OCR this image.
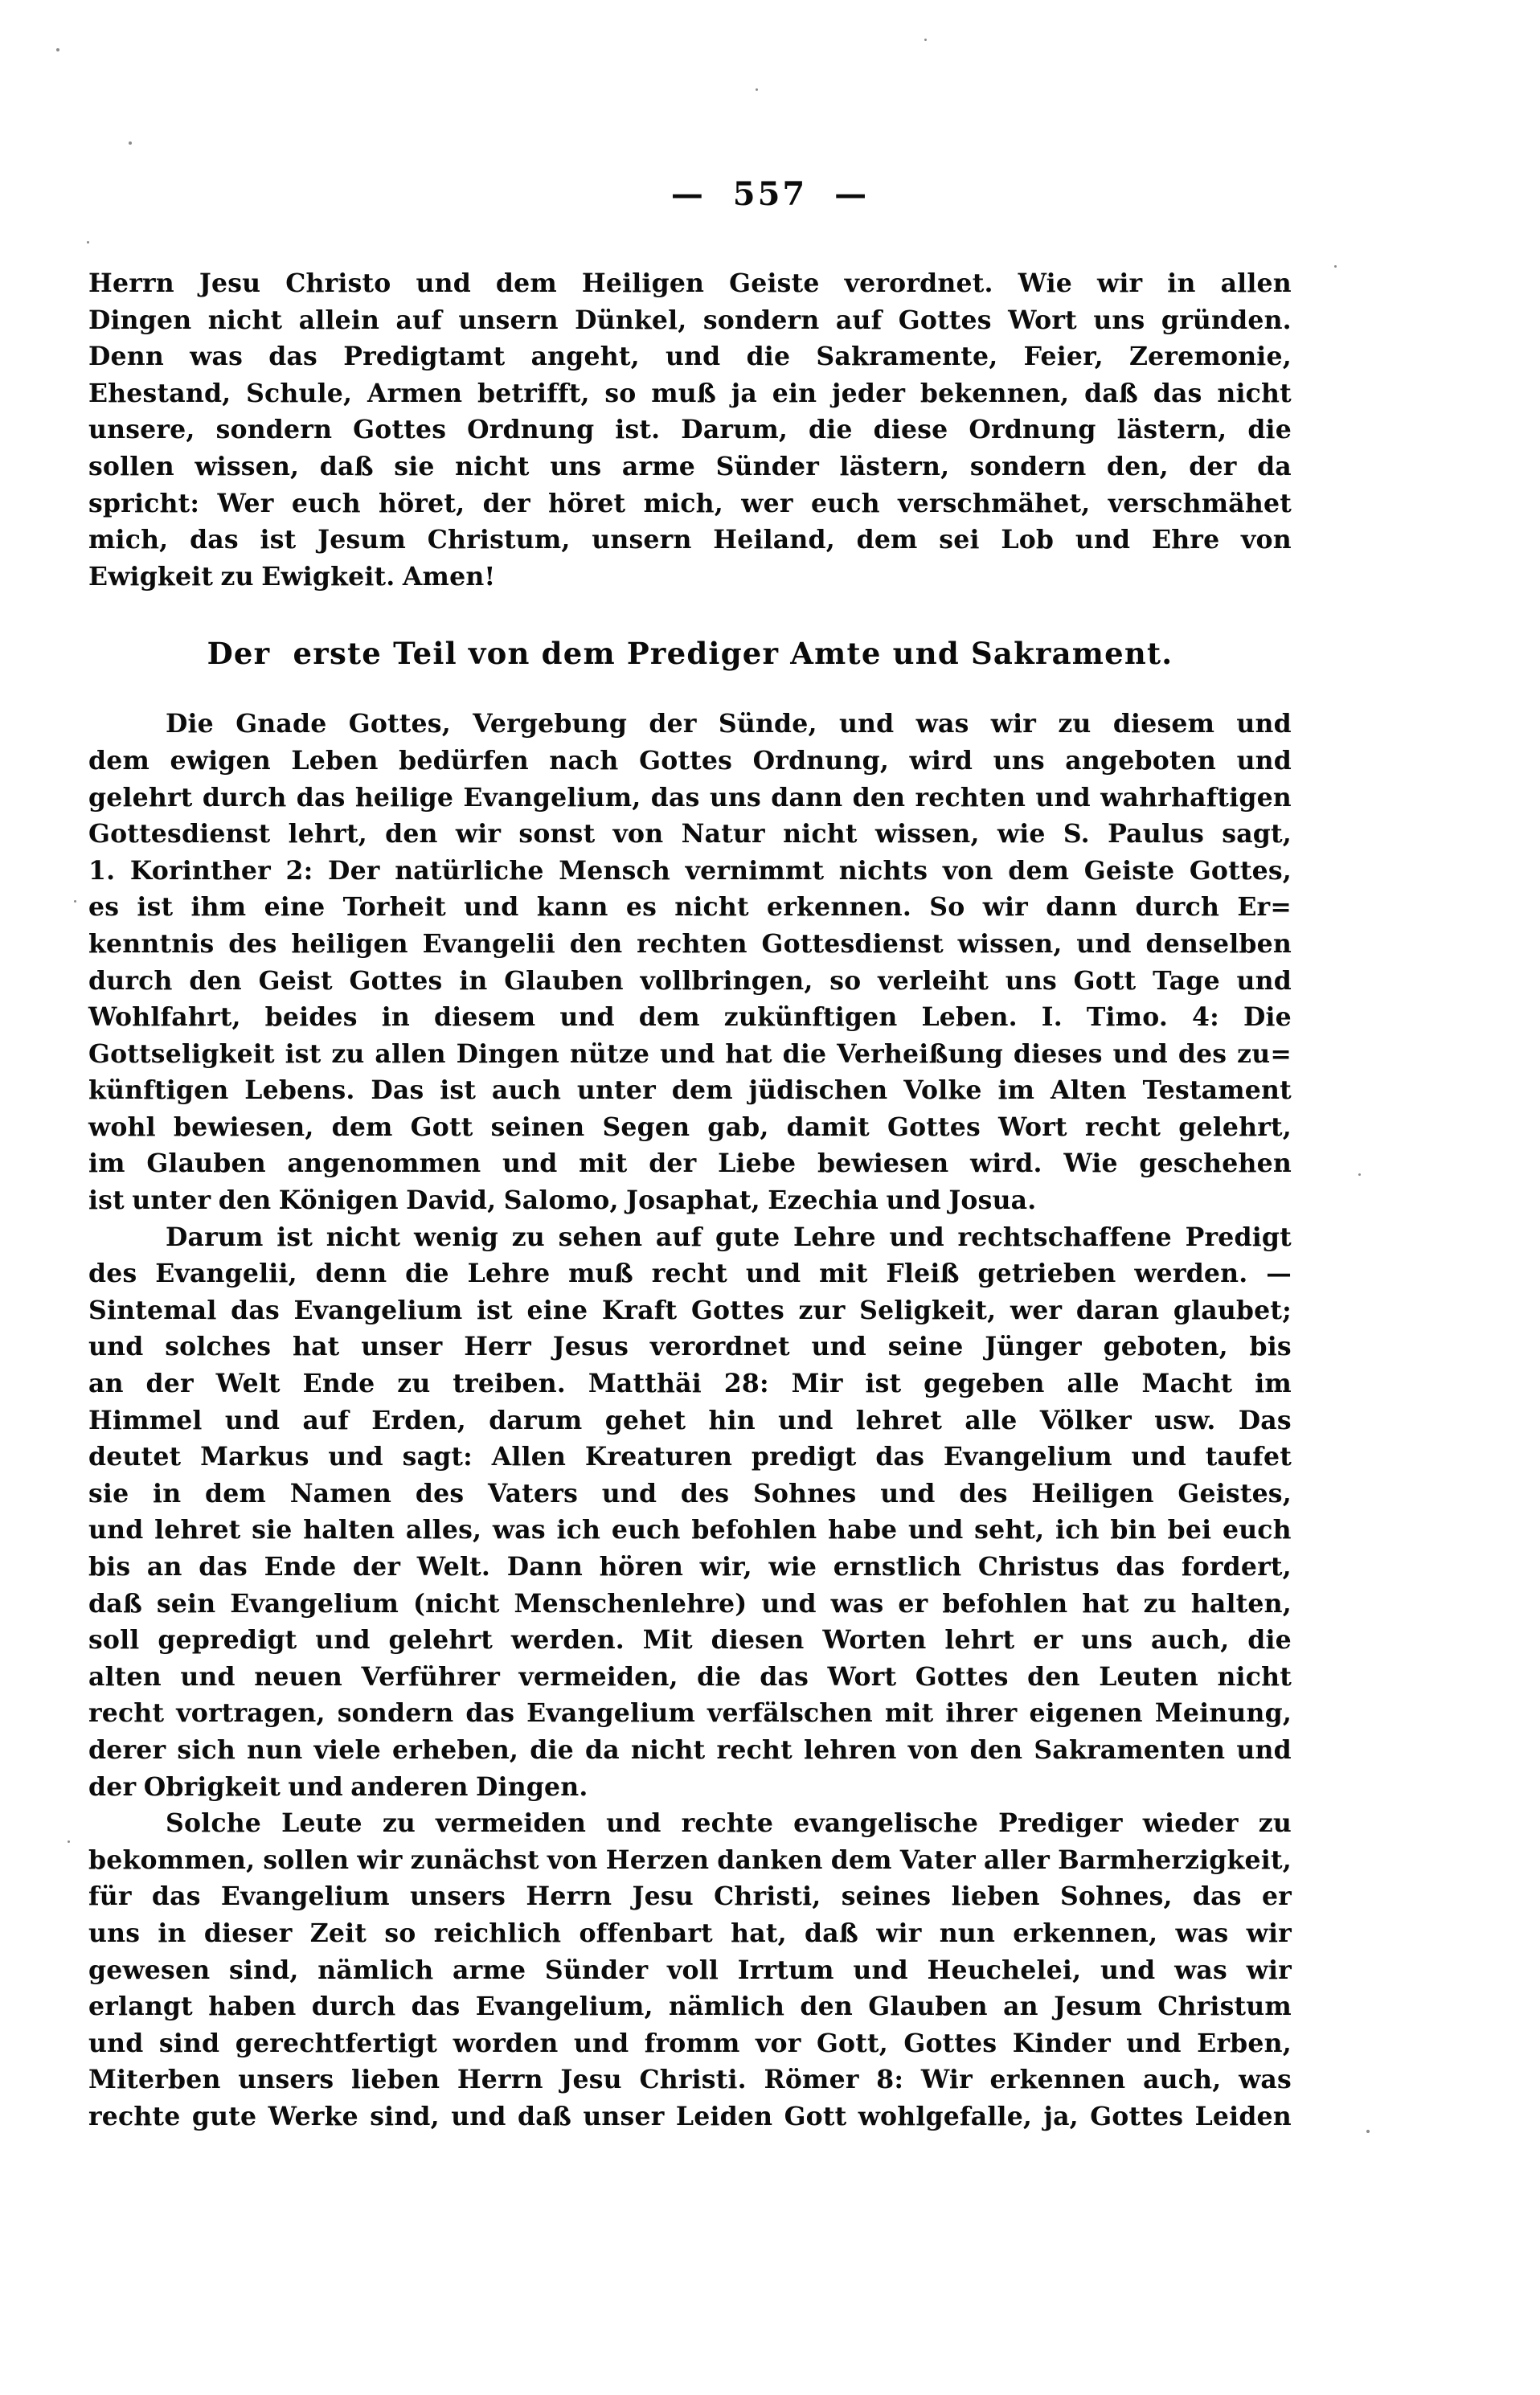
—  557  —
Herrn Jesu Christo und dem Heiligen Geiste verordnet. Wie wir in allen
Dingen nicht allein auf unsern Dünkel, sondern auf Gottes Wort uns gründen.
Denn was das Predigtamt angeht, und die Sakramente, Feier, Zeremonie,
Ehestand, Schule, Armen betrifft, so muß ja ein jeder bekennen, daß das nicht
unsere, sondern Gottes Ordnung ist. Darum, die diese Ordnung lästern, die
sollen wissen, daß sie nicht uns arme Sünder lästern, sondern den, der da
spricht: Wer euch höret, der höret mich, wer euch verschmähet, verschmähet
mich, das ist Jesum Christum, unsern Heiland, dem sei Lob und Ehre von
Ewigkeit zu Ewigkeit. Amen!
Der  erste Teil von dem Prediger Amte und Sakrament.
Die Gnade Gottes, Vergebung der Sünde, und was wir zu diesem und
dem ewigen Leben bedürfen nach Gottes Ordnung, wird uns angeboten und
gelehrt durch das heilige Evangelium, das uns dann den rechten und wahrhaftigen
Gottesdienst lehrt, den wir sonst von Natur nicht wissen, wie S. Paulus sagt,
1. Korinther 2: Der natürliche Mensch vernimmt nichts von dem Geiste Gottes,
es ist ihm eine Torheit und kann es nicht erkennen. So wir dann durch Er=
kenntnis des heiligen Evangelii den rechten Gottesdienst wissen, und denselben
durch den Geist Gottes in Glauben vollbringen, so verleiht uns Gott Tage und
Wohlfahrt, beides in diesem und dem zukünftigen Leben. I. Timo. 4: Die
Gottseligkeit ist zu allen Dingen nütze und hat die Verheißung dieses und des zu=
künftigen Lebens. Das ist auch unter dem jüdischen Volke im Alten Testament
wohl bewiesen, dem Gott seinen Segen gab, damit Gottes Wort recht gelehrt,
im Glauben angenommen und mit der Liebe bewiesen wird. Wie geschehen
ist unter den Königen David, Salomo, Josaphat, Ezechia und Josua.
Darum ist nicht wenig zu sehen auf gute Lehre und rechtschaffene Predigt
des Evangelii, denn die Lehre muß recht und mit Fleiß getrieben werden. —
Sintemal das Evangelium ist eine Kraft Gottes zur Seligkeit, wer daran glaubet;
und solches hat unser Herr Jesus verordnet und seine Jünger geboten, bis
an der Welt Ende zu treiben. Matthäi 28: Mir ist gegeben alle Macht im
Himmel und auf Erden, darum gehet hin und lehret alle Völker usw. Das
deutet Markus und sagt: Allen Kreaturen predigt das Evangelium und taufet
sie in dem Namen des Vaters und des Sohnes und des Heiligen Geistes,
und lehret sie halten alles, was ich euch befohlen habe und seht, ich bin bei euch
bis an das Ende der Welt. Dann hören wir, wie ernstlich Christus das fordert,
daß sein Evangelium (nicht Menschenlehre) und was er befohlen hat zu halten,
soll gepredigt und gelehrt werden. Mit diesen Worten lehrt er uns auch, die
alten und neuen Verführer vermeiden, die das Wort Gottes den Leuten nicht
recht vortragen, sondern das Evangelium verfälschen mit ihrer eigenen Meinung,
derer sich nun viele erheben, die da nicht recht lehren von den Sakramenten und
der Obrigkeit und anderen Dingen.
Solche Leute zu vermeiden und rechte evangelische Prediger wieder zu
bekommen, sollen wir zunächst von Herzen danken dem Vater aller Barmherzigkeit,
für das Evangelium unsers Herrn Jesu Christi, seines lieben Sohnes, das er
uns in dieser Zeit so reichlich offenbart hat, daß wir nun erkennen, was wir
gewesen sind, nämlich arme Sünder voll Irrtum und Heuchelei, und was wir
erlangt haben durch das Evangelium, nämlich den Glauben an Jesum Christum
und sind gerechtfertigt worden und fromm vor Gott, Gottes Kinder und Erben,
Miterben unsers lieben Herrn Jesu Christi. Römer 8: Wir erkennen auch, was
rechte gute Werke sind, und daß unser Leiden Gott wohlgefalle, ja, Gottes Leiden
